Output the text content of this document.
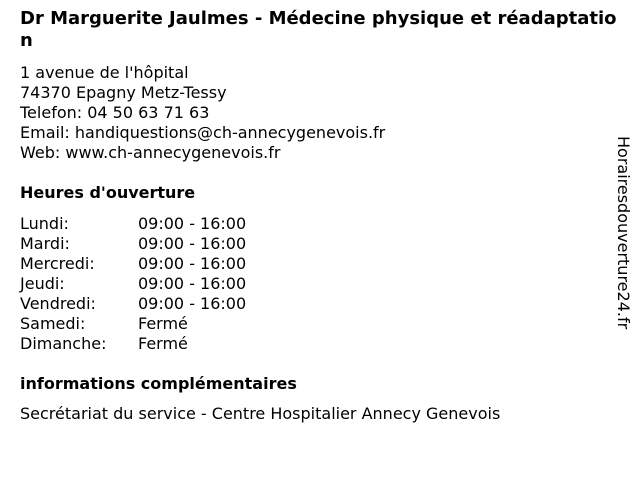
Dr Marguerite Jaulmes - Médecine physique et réadaptation
1 avenue de l'hôpital
74370 Epagny Metz-Tessy
Telefon: 04 50 63 71 63
Email: handiquestions@ch-annecygenevois.fr
Web: www.ch-annecygenevois.fr
Heures d'ouverture
Lundi:	09:00 - 16:00
Mardi:	09:00 - 16:00
Mercredi:	09:00 - 16:00
Jeudi:	09:00 - 16:00
Vendredi:	09:00 - 16:00
Samedi:	Fermé
Dimanche: Fermé
informations complémentaires
Secrétariat du service - Centre Hospitalier Annecy Genevois
Horairesdouverture24.fr
